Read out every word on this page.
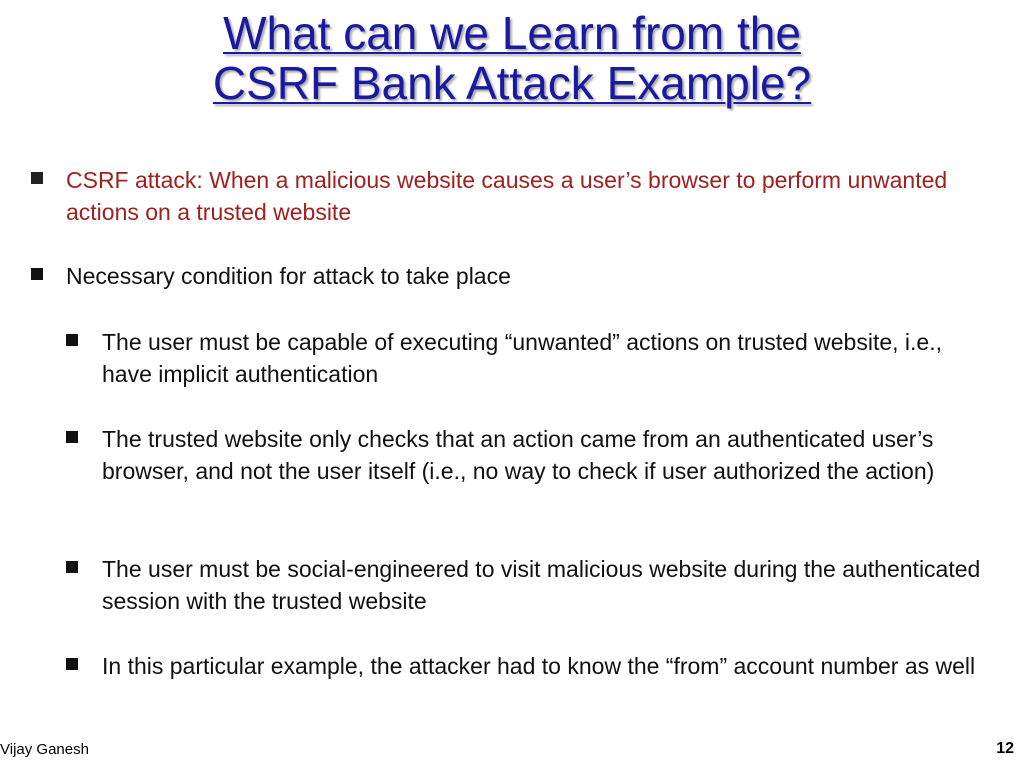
What can we Learn from the
CSRF Bank Attack Example?
CSRF attack: When a malicious website causes a user’s browser to perform unwanted actions on a trusted website
Necessary condition for attack to take place
The user must be capable of executing “unwanted” actions on trusted website, i.e., have implicit authentication
The trusted website only checks that an action came from an authenticated user’s browser, and not the user itself (i.e., no way to check if user authorized the action)
The user must be social-engineered to visit malicious website during the authenticated session with the trusted website
In this particular example, the attacker had to know the “from” account number as well
Vijay Ganesh	12
